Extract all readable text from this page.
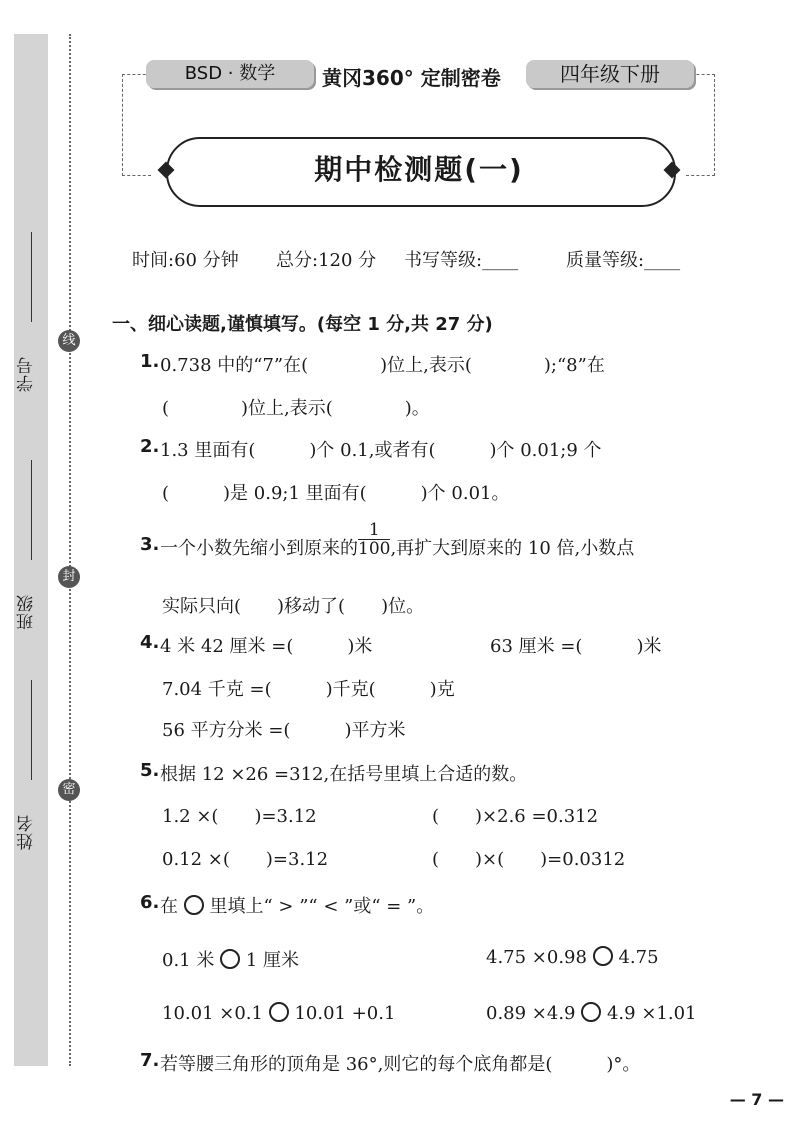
学号
班级
姓名
线
封
密
BSD · 数学	黄冈360° 定制密卷	四年级下册
期中检测题(一)
时间:60 分钟 总分:120 分 书写等级:____	质量等级:____
一、细心读题,谨慎填写。(每空 1 分,共 27 分)
1. 0.738 中的“7”在(　　　　)位上,表示(　　　　);“8”在
(　　　　)位上,表示(　　　　)。
2. 1.3 里面有(　　　)个 0.1,或者有(　　　)个 0.01;9 个
(　　　)是 0.9;1 里面有(　　　)个 0.01。
3. 一个小数先缩小到原来的 $\frac{1}{100}$ ,再扩大到原来的 10 倍,小数点
实际只向(　　)移动了(　　)位。
4. 4 米 42 厘米 =(　　　)米	63 厘米 =(　　　)米
7.04 千克 =(　　　)千克(　　　)克
56 平方分米 =(　　　)平方米
5. 根据 12 ×26 =312,在括号里填上合适的数。
1.2 ×(　　)=3.12	(　　)×2.6 =0.312
0.12 ×(　　)=3.12	(　　)×(　　)=0.0312
6. 在 里填上“ > ”“ < ”或“ = ”。
0.1 米 1 厘米	4.75 ×0.98 4.75
10.01 ×0.1 10.01 +0.1	0.89 ×4.9 4.9 ×1.01
7. 若等腰三角形的顶角是 36°,则它的每个底角都是(　　　)°。
— 7 —
